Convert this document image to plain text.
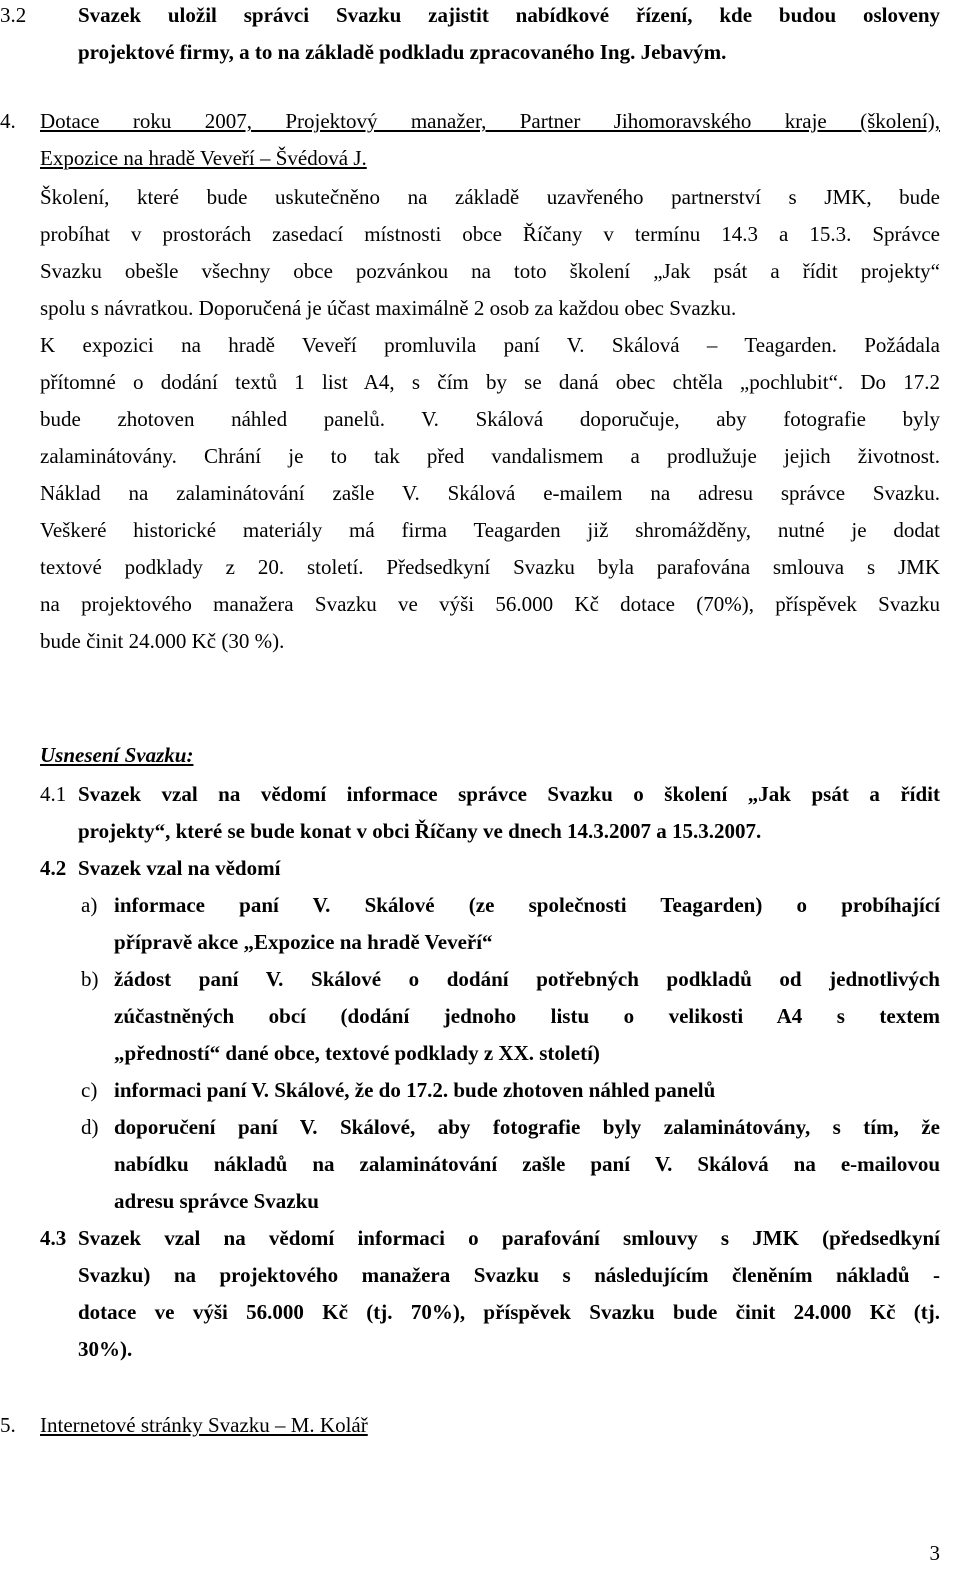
3.2 Svazek uložil správci Svazku zajistit nabídkové řízení, kde budou osloveny
projektové firmy, a to na základě podkladu zpracovaného Ing. Jebavým.
4. Dotace roku 2007, Projektový manažer, Partner Jihomoravského kraje (školení),
Expozice na hradě Veveří – Švédová J.
Školení, které bude uskutečněno na základě uzavřeného partnerství s JMK, bude
probíhat v prostorách zasedací místnosti obce Říčany v termínu 14.3 a 15.3. Správce
Svazku obešle všechny obce pozvánkou na toto školení „Jak psát a řídit projekty“
spolu s návratkou. Doporučená je účast maximálně 2 osob za každou obec Svazku.
K expozici na hradě Veveří promluvila paní V. Skálová – Teagarden. Požádala
přítomné o dodání textů 1 list A4, s čím by se daná obec chtěla „pochlubit“. Do 17.2
bude zhotoven náhled panelů. V. Skálová doporučuje, aby fotografie byly
zalaminátovány. Chrání je to tak před vandalismem a prodlužuje jejich životnost.
Náklad na zalaminátování zašle V. Skálová e-mailem na adresu správce Svazku.
Veškeré historické materiály má firma Teagarden již shromážděny, nutné je dodat
textové podklady z 20. století. Předsedkyní Svazku byla parafována smlouva s JMK
na projektového manažera Svazku ve výši 56.000 Kč dotace (70%), příspěvek Svazku
bude činit 24.000 Kč (30 %).
Usnesení Svazku:
4.1 Svazek vzal na vědomí informace správce Svazku o školení „Jak psát a řídit
projekty“, které se bude konat v obci Říčany ve dnech 14.3.2007 a 15.3.2007.
4.2 Svazek vzal na vědomí
a) informace paní V. Skálové (ze společnosti Teagarden) o probíhající
přípravě akce „Expozice na hradě Veveří“
b) žádost paní V. Skálové o dodání potřebných podkladů od jednotlivých
zúčastněných obcí (dodání jednoho listu o velikosti A4 s textem
„předností“ dané obce, textové podklady z XX. století)
c) informaci paní V. Skálové, že do 17.2. bude zhotoven náhled panelů
d) doporučení paní V. Skálové, aby fotografie byly zalaminátovány, s tím, že
nabídku nákladů na zalaminátování zašle paní V. Skálová na e-mailovou
adresu správce Svazku
4.3 Svazek vzal na vědomí informaci o parafování smlouvy s JMK (předsedkyní
Svazku) na projektového manažera Svazku s následujícím členěním nákladů -
dotace ve výši 56.000 Kč (tj. 70%), příspěvek Svazku bude činit 24.000 Kč (tj.
30%).
5.	Internetové stránky Svazku – M. Kolář
3
